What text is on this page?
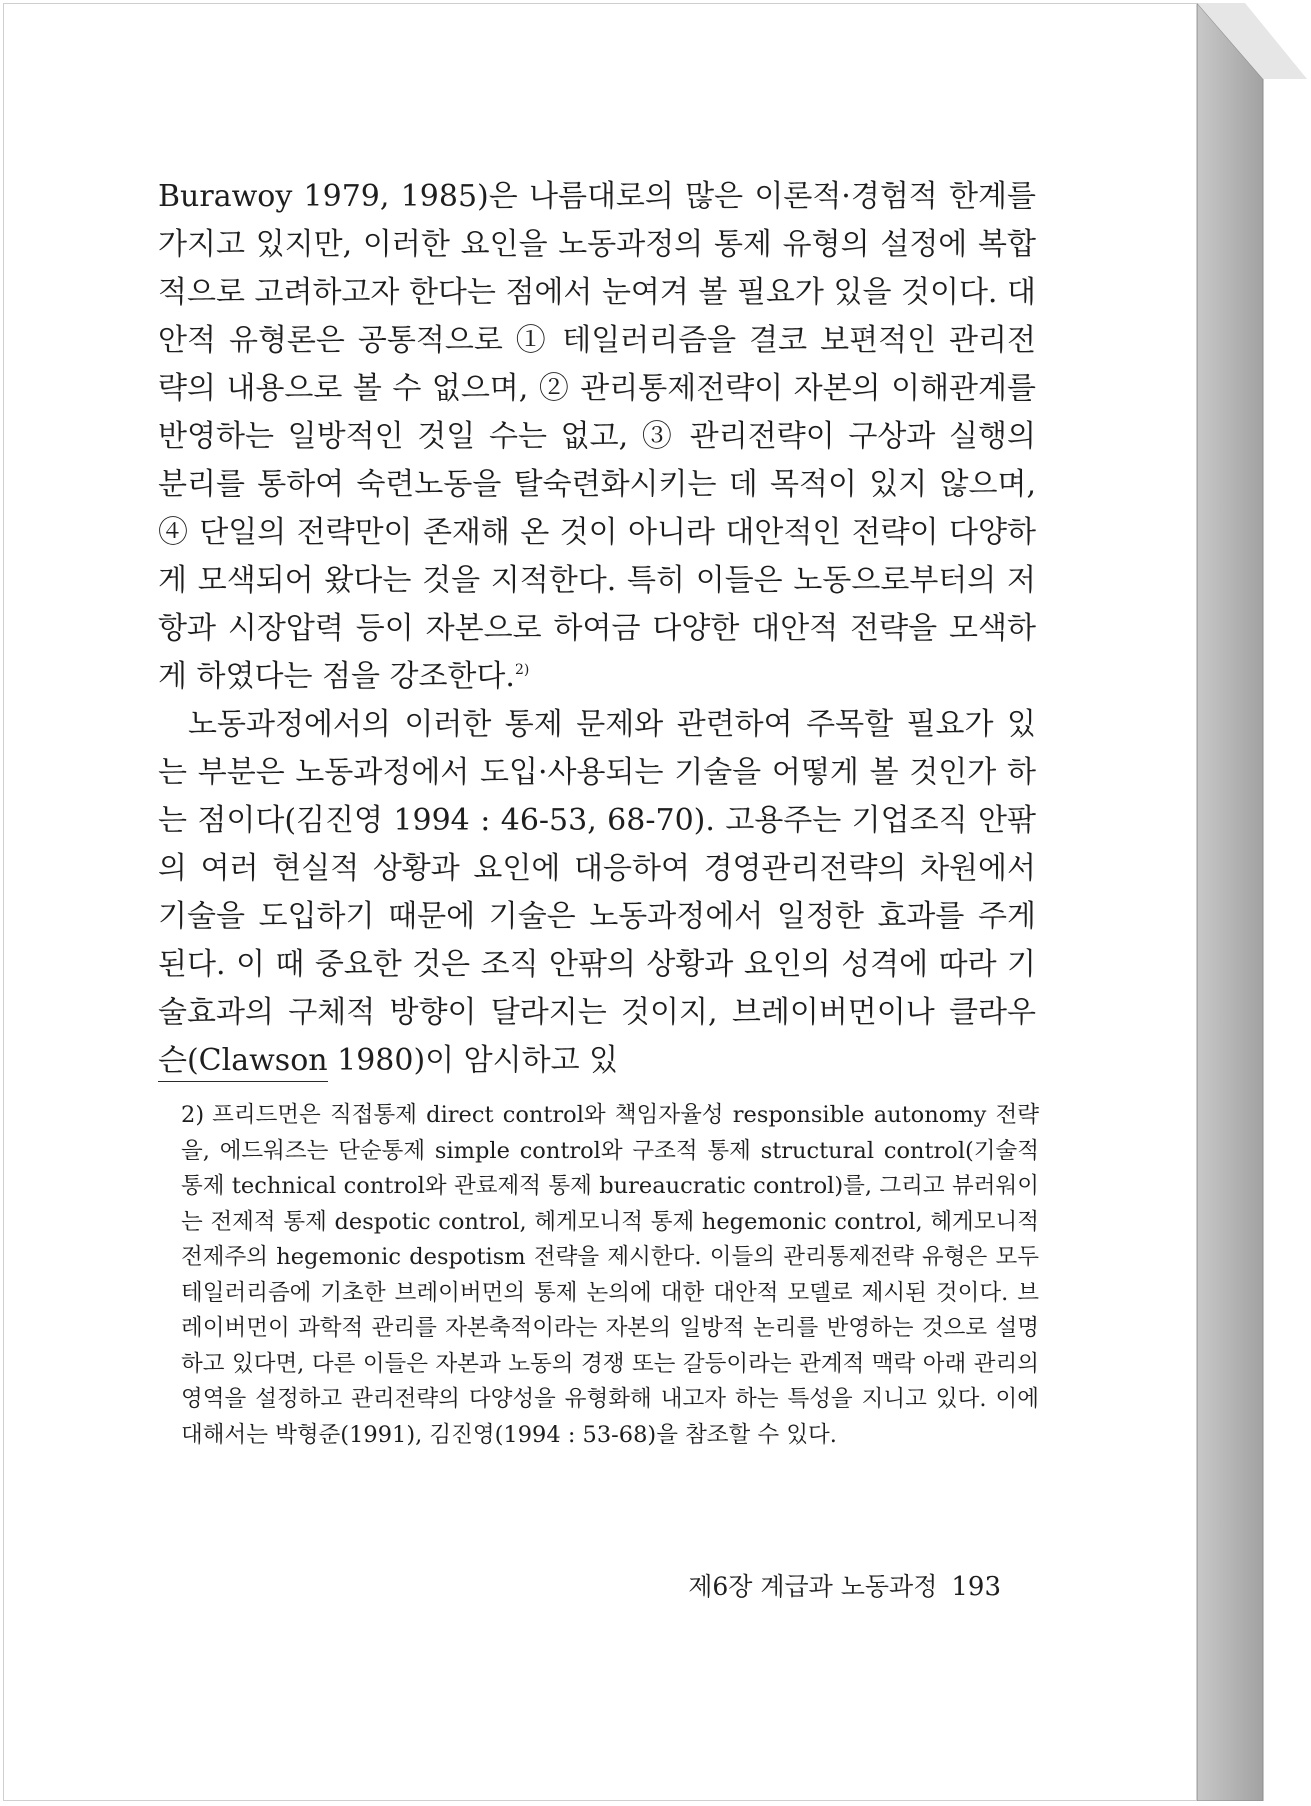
Burawoy 1979, 1985)은 나름대로의 많은 이론적·경험적 한계를 가지고 있지만, 이러한 요인을 노동과정의 통제 유형의 설정에 복합적으로 고려하고자 한다는 점에서 눈여겨 볼 필요가 있을 것이다. 대안적 유형론은 공통적으로 ① 테일러리즘을 결코 보편적인 관리전략의 내용으로 볼 수 없으며, ② 관리통제전략이 자본의 이해관계를 반영하는 일방적인 것일 수는 없고, ③ 관리전략이 구상과 실행의 분리를 통하여 숙련노동을 탈숙련화시키는 데 목적이 있지 않으며, ④ 단일의 전략만이 존재해 온 것이 아니라 대안적인 전략이 다양하게 모색되어 왔다는 것을 지적한다. 특히 이들은 노동으로부터의 저항과 시장압력 등이 자본으로 하여금 다양한 대안적 전략을 모색하게 하였다는 점을 강조한다.$^{2)}$

노동과정에서의 이러한 통제 문제와 관련하여 주목할 필요가 있는 부분은 노동과정에서 도입·사용되는 기술을 어떻게 볼 것인가 하는 점이다(김진영 1994 : 46-53, 68-70). 고용주는 기업조직 안팎의 여러 현실적 상황과 요인에 대응하여 경영관리전략의 차원에서 기술을 도입하기 때문에 기술은 노동과정에서 일정한 효과를 주게 된다. 이 때 중요한 것은 조직 안팎의 상황과 요인의 성격에 따라 기술효과의 구체적 방향이 달라지는 것이지, 브레이버먼이나 클라우슨(Clawson 1980)이 암시하고 있

2) 프리드먼은 직접통제 direct control와 책임자율성 responsible autonomy 전략을, 에드워즈는 단순통제 simple control와 구조적 통제 structural control(기술적 통제 technical control와 관료제적 통제 bureaucratic control)를, 그리고 뷰러워이는 전제적 통제 despotic control, 헤게모니적 통제 hegemonic control, 헤게모니적 전제주의 hegemonic despotism 전략을 제시한다. 이들의 관리통제전략 유형은 모두 테일러리즘에 기초한 브레이버먼의 통제 논의에 대한 대안적 모델로 제시된 것이다. 브레이버먼이 과학적 관리를 자본축적이라는 자본의 일방적 논리를 반영하는 것으로 설명하고 있다면, 다른 이들은 자본과 노동의 경쟁 또는 갈등이라는 관계적 맥락 아래 관리의 영역을 설정하고 관리전략의 다양성을 유형화해 내고자 하는 특성을 지니고 있다. 이에 대해서는 박형준(1991), 김진영(1994 : 53-68)을 참조할 수 있다.
제6장 계급과 노동과정 193
